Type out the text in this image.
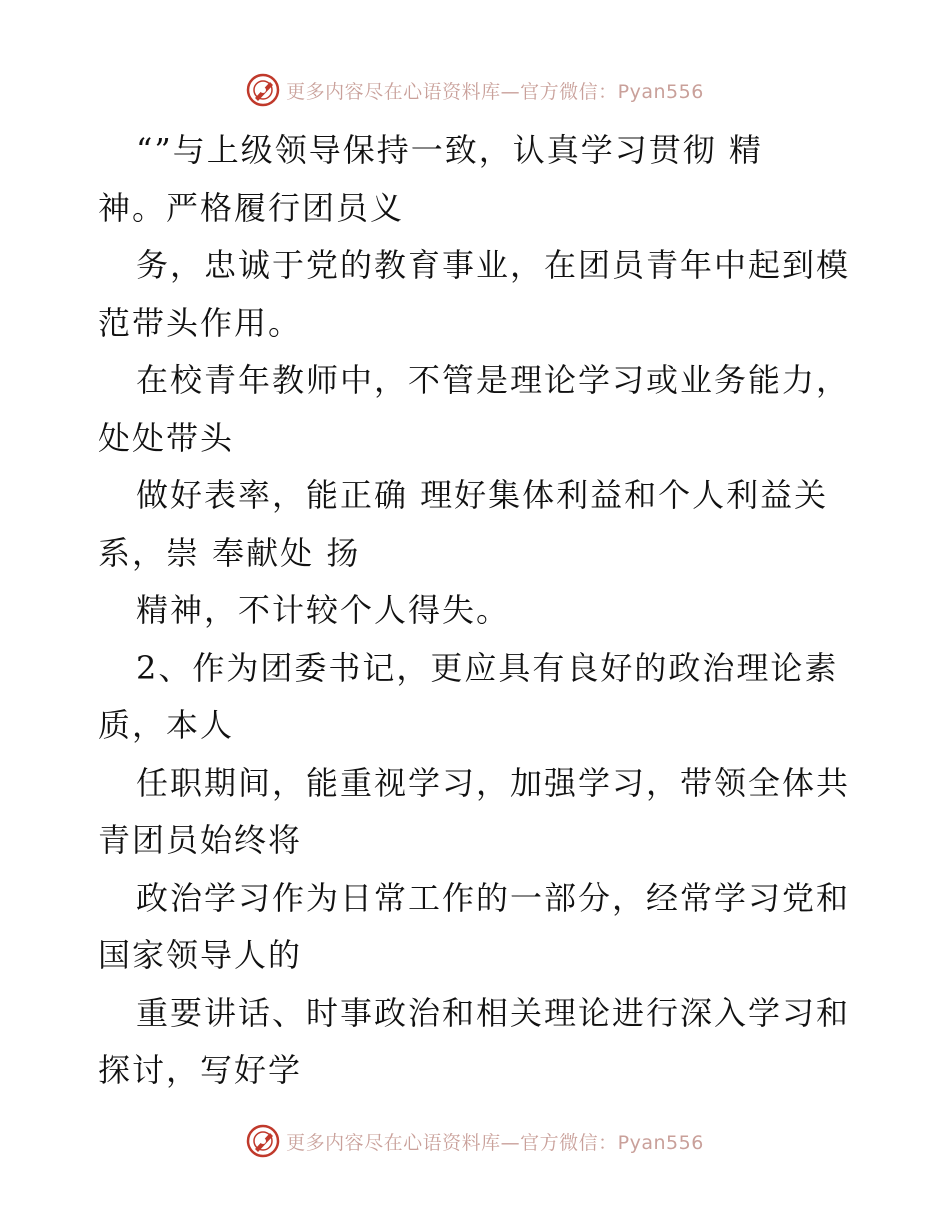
更多内容尽在心语资料库—官方微信：Pyan556
“”与上级领导保持一致，认真学习贯彻 精
神。严格履行团员义
务，忠诚于党的教育事业，在团员青年中起到模
范带头作用。
在校青年教师中，不管是理论学习或业务能力，
处处带头
做好表率，能正确 理好集体利益和个人利益关
系，崇 奉献处 扬
精神，不计较个人得失。
2、作为团委书记，更应具有良好的政治理论素
质，本人
任职期间，能重视学习，加强学习，带领全体共
青团员始终将
政治学习作为日常工作的一部分，经常学习党和
国家领导人的
重要讲话、时事政治和相关理论进行深入学习和
探讨，写好学
更多内容尽在心语资料库—官方微信：Pyan556
